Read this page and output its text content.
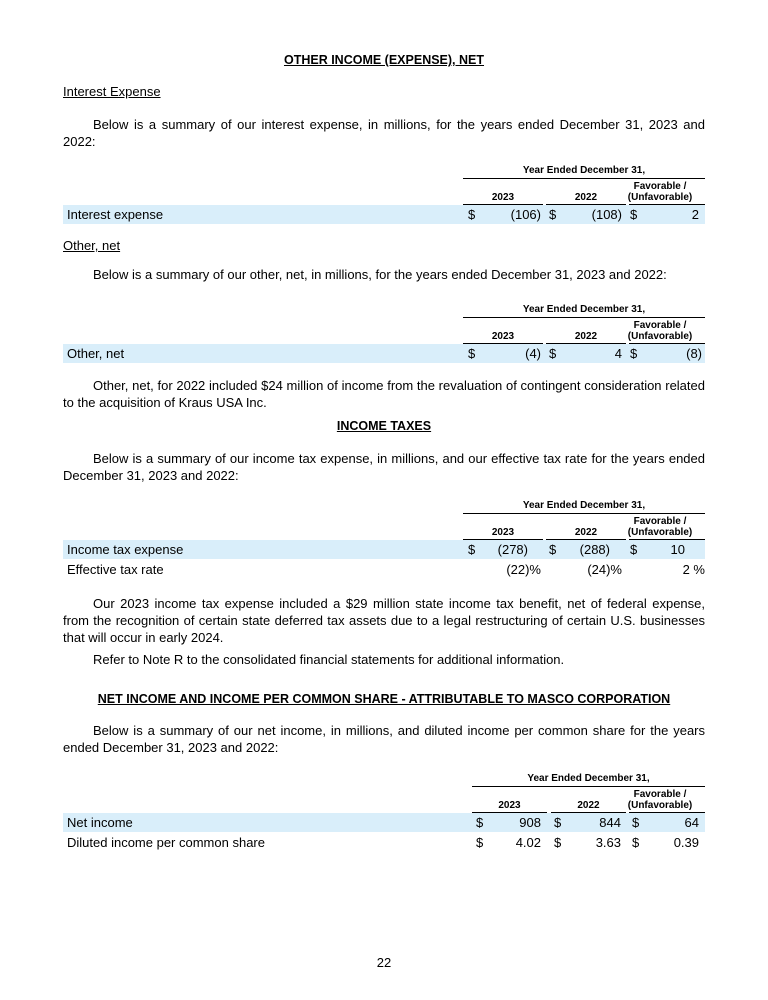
OTHER INCOME (EXPENSE), NET
Interest Expense
Below is a summary of our interest expense, in millions, for the years ended December 31, 2023 and 2022:
Year Ended December 31,
Favorable /
(Unfavorable)
2023	2022
Interest expense	$	(106) $	(108) $	2
Other, net
Below is a summary of our other, net, in millions, for the years ended December 31, 2023 and 2022:
Year Ended December 31,
Favorable /
(Unfavorable)
2023	2022
Other, net	$	(4) $	4 $	(8)
Other, net, for 2022 included $24 million of income from the revaluation of contingent consideration related to the acquisition of Kraus USA Inc.
INCOME TAXES
Below is a summary of our income tax expense, in millions, and our effective tax rate for the years ended December 31, 2023 and 2022:
Year Ended December 31,
Favorable /
(Unfavorable)
2023	2022
Income tax expense	$	(278) $	(288) $	10
Effective tax rate	(22)%	(24)%	2 %
Our 2023 income tax expense included a $29 million state income tax benefit, net of federal expense, from the recognition of certain state deferred tax assets due to a legal restructuring of certain U.S. businesses that will occur in early 2024.
Refer to Note R to the consolidated financial statements for additional information.
NET INCOME AND INCOME PER COMMON SHARE - ATTRIBUTABLE TO MASCO CORPORATION
Below is a summary of our net income, in millions, and diluted income per common share for the years ended December 31, 2023 and 2022:
Year Ended December 31,
Favorable /
(Unfavorable)
2023	2022
Net income	$	908 $	844 $	64
Diluted income per common share	$	4.02 $	3.63 $	0.39
22
